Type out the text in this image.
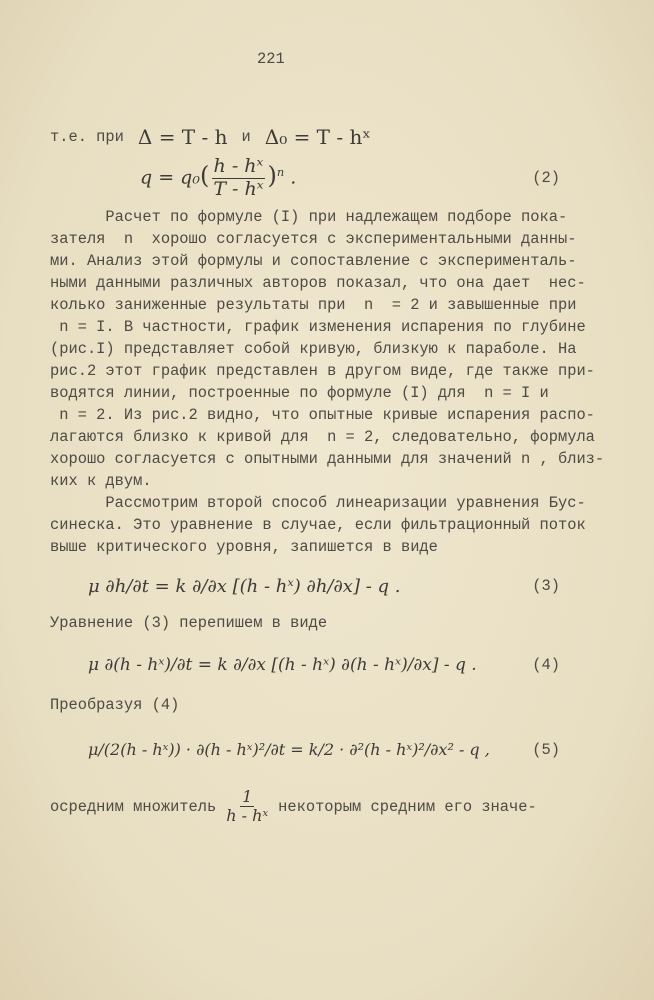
221
т.е. при Δ = T - h и Δ₀ = T - hˣ
$q = q_0( \frac{\text{h - hˣ}}{\text{T - hˣ}} )^n$ .	(2)
Расчет по формуле (I) при надлежащем подборе пока-
зателя  n  хорошо согласуется с экспериментальными данны-
ми. Анализ этой формулы и сопоставление с эксперименталь-
ными данными различных авторов показал, что она дает  нес-
колько заниженные результаты при  n  = 2 и завышенные при
n = I. В частности, график изменения испарения по глубине
(рис.I) представляет собой кривую, близкую к параболе. На
рис.2 этот график представлен в другом виде, где также при-
водятся линии, построенные по формуле (I) для  n = I и
n = 2. Из рис.2 видно, что опытные кривые испарения распо-
лагаются близко к кривой для  n = 2, следовательно, формула
хорошо согласуется с опытными данными для значений n , близ-
ких к двум.
Рассмотрим второй способ линеаризации уравнения Бус-
синеска. Это уравнение в случае, если фильтрационный поток
выше критического уровня, запишется в виде
μ ∂h/∂t = k ∂/∂x [(h - hˣ) ∂h/∂x] - q .	(3)
Уравнение (3) перепишем в виде
μ ∂(h - hˣ)/∂t = k ∂/∂x [(h - hˣ) ∂(h - hˣ)/∂x] - q .	(4)
Преобразуя (4)
μ/(2(h - hˣ)) · ∂(h - hˣ)²/∂t = k/2 · ∂²(h - hˣ)²/∂x² - q ,	(5)
осредним множитель $\frac{1}{\text{h - hˣ}}$ некоторым средним его значе-
